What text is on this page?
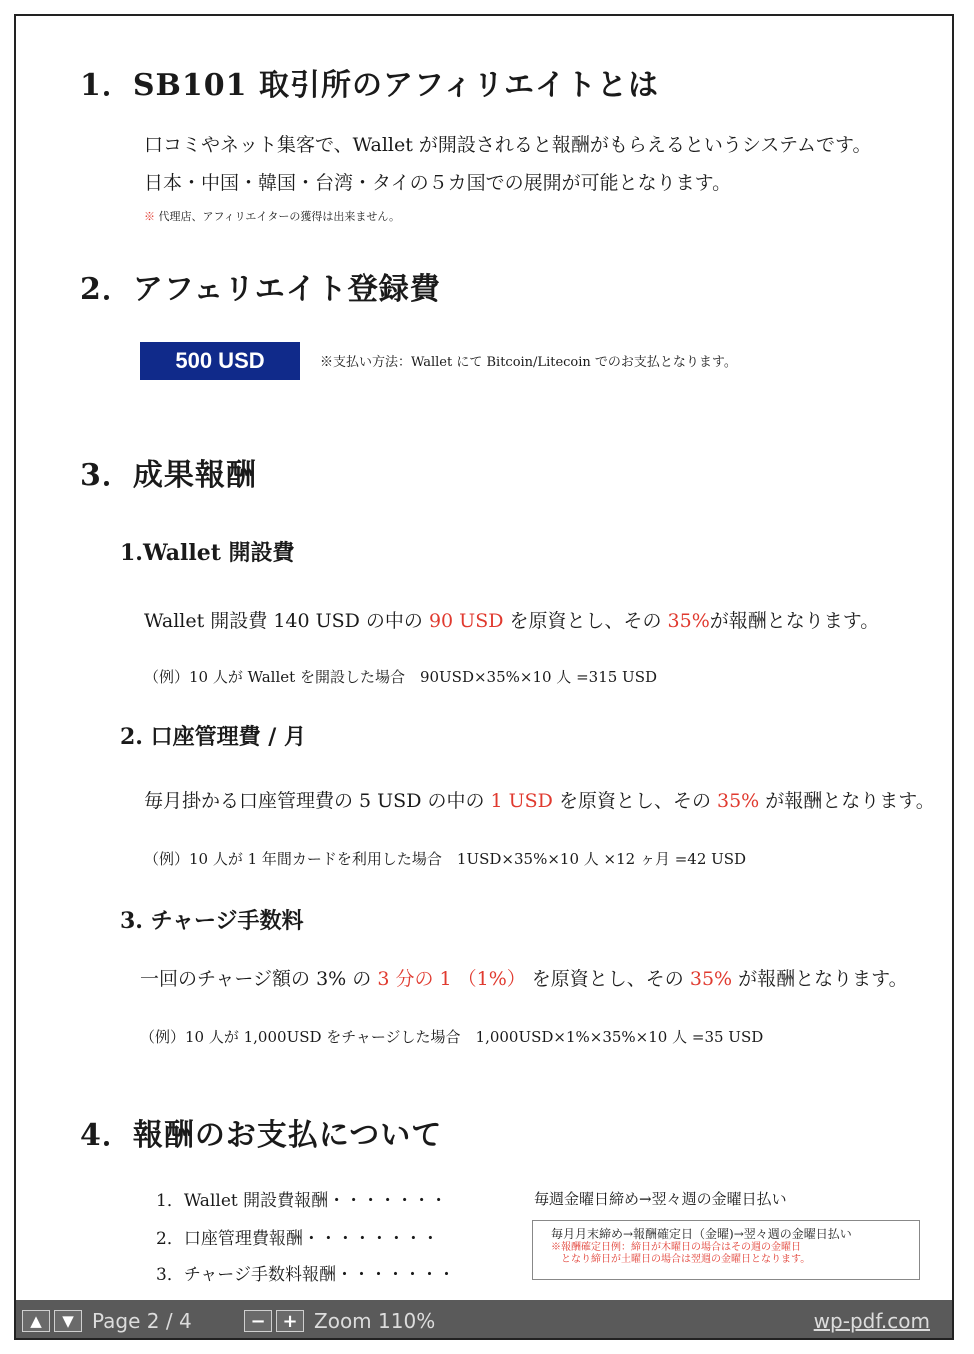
1．SB101 取引所のアフィリエイトとは
口コミやネット集客で、Wallet が開設されると報酬がもらえるというシステムです。
日本・中国・韓国・台湾・タイの５カ国での展開が可能となります。
※ 代理店、アフィリエイターの獲得は出来ません。
2．アフェリエイト登録費
500 USD	※支払い方法：Wallet にて Bitcoin/Litecoin でのお支払となります。
3．成果報酬
1.Wallet 開設費
Wallet 開設費 140 USD の中の 90 USD を原資とし、その 35%が報酬となります。
（例）10 人が Wallet を開設した場合　90USD×35%×10 人 =315 USD
2. 口座管理費 / 月
毎月掛かる口座管理費の 5 USD の中の 1 USD を原資とし、その 35% が報酬となります。
（例）10 人が 1 年間カードを利用した場合　1USD×35%×10 人 ×12 ヶ月 =42 USD
3. チャージ手数料
一回のチャージ額の 3% の 3 分の 1 （1%） を原資とし、その 35% が報酬となります。
（例）10 人が 1,000USD をチャージした場合　1,000USD×1%×35%×10 人 =35 USD
4．報酬のお支払について
1．Wallet 開設費報酬・・・・・・・
2．口座管理費報酬・・・・・・・・
3．チャージ手数料報酬・・・・・・・
毎週金曜日締め→翌々週の金曜日払い
毎月月末締め→報酬確定日（金曜)→翌々週の金曜日払い
※報酬確定日例：締日が木曜日の場合はその週の金曜日
　となり締日が土曜日の場合は翌週の金曜日となります。
▲ ▼ Page 2 / 4	− + Zoom 110%	wp-pdf.com
